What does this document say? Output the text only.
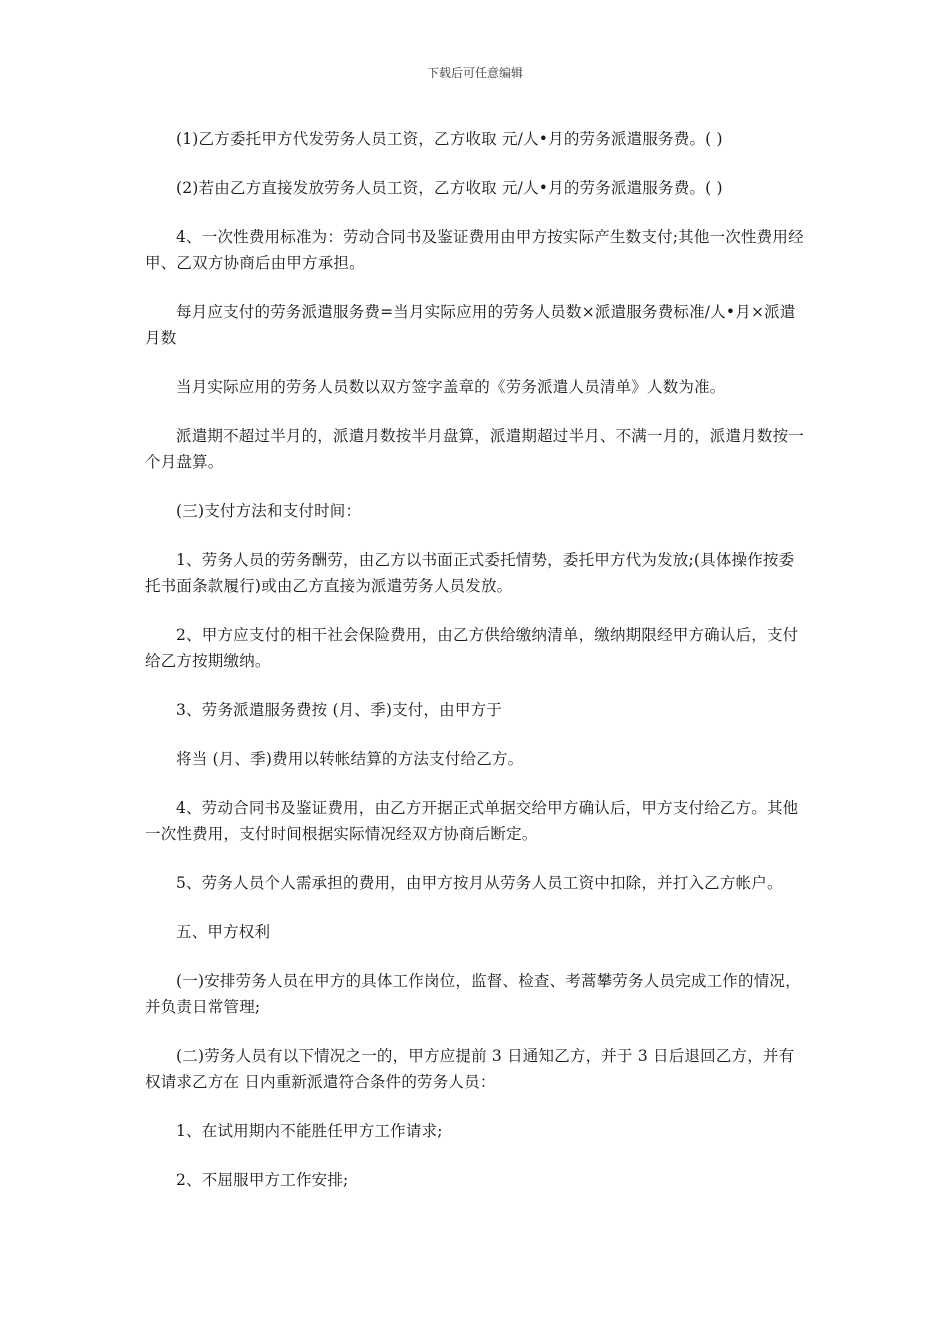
下载后可任意编辑

(1)乙方委托甲方代发劳务人员工资，乙方收取 元/人•月的劳务派遣服务费。( )

(2)若由乙方直接发放劳务人员工资，乙方收取 元/人•月的劳务派遣服务费。( )

4、一次性费用标准为：劳动合同书及鉴证费用由甲方按实际产生数支付;其他一次性费用经甲、乙双方协商后由甲方承担。

每月应支付的劳务派遣服务费=当月实际应用的劳务人员数×派遣服务费标准/人•月×派遣月数

当月实际应用的劳务人员数以双方签字盖章的《劳务派遣人员清单》人数为准。

派遣期不超过半月的，派遣月数按半月盘算，派遣期超过半月、不满一月的，派遣月数按一个月盘算。

(三)支付方法和支付时间：

1、劳务人员的劳务酬劳，由乙方以书面正式委托情势，委托甲方代为发放;(具体操作按委托书面条款履行)或由乙方直接为派遣劳务人员发放。

2、甲方应支付的相干社会保险费用，由乙方供给缴纳清单，缴纳期限经甲方确认后，支付给乙方按期缴纳。

3、劳务派遣服务费按 (月、季)支付，由甲方于

将当 (月、季)费用以转帐结算的方法支付给乙方。

4、劳动合同书及鉴证费用，由乙方开据正式单据交给甲方确认后，甲方支付给乙方。其他一次性费用，支付时间根据实际情况经双方协商后断定。

5、劳务人员个人需承担的费用，由甲方按月从劳务人员工资中扣除，并打入乙方帐户。

五、甲方权利

(一)安排劳务人员在甲方的具体工作岗位，监督、检查、考蒿攀劳务人员完成工作的情况，并负责日常管理;

(二)劳务人员有以下情况之一的，甲方应提前 3 日通知乙方，并于 3 日后退回乙方，并有权请求乙方在 日内重新派遣符合条件的劳务人员：

1、在试用期内不能胜任甲方工作请求;

2、不屈服甲方工作安排;
